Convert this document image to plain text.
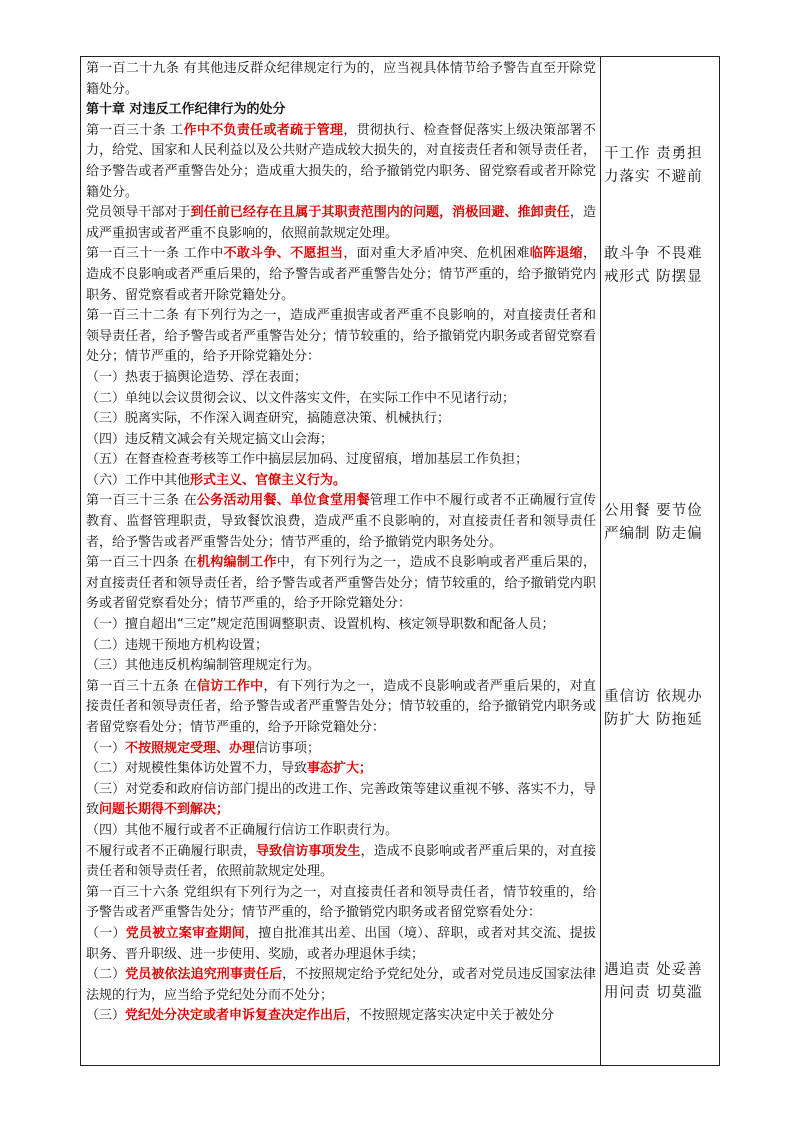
第一百二十九条 有其他违反群众纪律规定行为的，应当视具体情节给予警告直至开除党籍处分。

第十章 对违反工作纪律行为的处分

第一百三十条 工作中不负责任或者疏于管理，贯彻执行、检查督促落实上级决策部署不力，给党、国家和人民利益以及公共财产造成较大损失的，对直接责任者和领导责任者，给予警告或者严重警告处分；造成重大损失的，给予撤销党内职务、留党察看或者开除党籍处分。

党员领导干部对于到任前已经存在且属于其职责范围内的问题，消极回避、推卸责任，造成严重损害或者严重不良影响的，依照前款规定处理。

第一百三十一条 工作中不敢斗争、不愿担当，面对重大矛盾冲突、危机困难临阵退缩，造成不良影响或者严重后果的，给予警告或者严重警告处分；情节严重的，给予撤销党内职务、留党察看或者开除党籍处分。

第一百三十二条 有下列行为之一，造成严重损害或者严重不良影响的，对直接责任者和领导责任者，给予警告或者严重警告处分；情节较重的，给予撤销党内职务或者留党察看处分；情节严重的，给予开除党籍处分：

（一）热衷于搞舆论造势、浮在表面；

（二）单纯以会议贯彻会议、以文件落实文件，在实际工作中不见诸行动；

（三）脱离实际，不作深入调查研究，搞随意决策、机械执行；

（四）违反精文减会有关规定搞文山会海；

（五）在督查检查考核等工作中搞层层加码、过度留痕，增加基层工作负担；

（六）工作中其他形式主义、官僚主义行为。

第一百三十三条 在公务活动用餐、单位食堂用餐管理工作中不履行或者不正确履行宣传教育、监督管理职责，导致餐饮浪费，造成严重不良影响的，对直接责任者和领导责任者，给予警告或者严重警告处分；情节严重的，给予撤销党内职务处分。

第一百三十四条 在机构编制工作中，有下列行为之一，造成不良影响或者严重后果的，对直接责任者和领导责任者，给予警告或者严重警告处分；情节较重的，给予撤销党内职务或者留党察看处分；情节严重的，给予开除党籍处分：

（一）擅自超出“三定”规定范围调整职责、设置机构、核定领导职数和配备人员；

（二）违规干预地方机构设置；

（三）其他违反机构编制管理规定行为。

第一百三十五条 在信访工作中，有下列行为之一，造成不良影响或者严重后果的，对直接责任者和领导责任者，给予警告或者严重警告处分；情节较重的，给予撤销党内职务或者留党察看处分；情节严重的，给予开除党籍处分：

（一）不按照规定受理、办理信访事项；

（二）对规模性集体访处置不力，导致事态扩大；

（三）对党委和政府信访部门提出的改进工作、完善政策等建议重视不够、落实不力，导致问题长期得不到解决；

（四）其他不履行或者不正确履行信访工作职责行为。

不履行或者不正确履行职责，导致信访事项发生，造成不良影响或者严重后果的，对直接责任者和领导责任者，依照前款规定处理。

第一百三十六条 党组织有下列行为之一，对直接责任者和领导责任者，情节较重的，给予警告或者严重警告处分；情节严重的，给予撤销党内职务或者留党察看处分：

（一）党员被立案审查期间，擅自批准其出差、出国（境）、辞职，或者对其交流、提拔职务、晋升职级、进一步使用、奖励，或者办理退休手续；

（二）党员被依法追究刑事责任后，不按照规定给予党纪处分，或者对党员违反国家法律法规的行为，应当给予党纪处分而不处分；

（三）党纪处分决定或者申诉复查决定作出后，不按照规定落实决定中关于被处分

干工作 责勇担
力落实 不避前
敢斗争 不畏难
戒形式 防摆显
公用餐 要节俭
严编制 防走偏
重信访 依规办
防扩大 防拖延
遇追责 处妥善
用问责 切莫滥
